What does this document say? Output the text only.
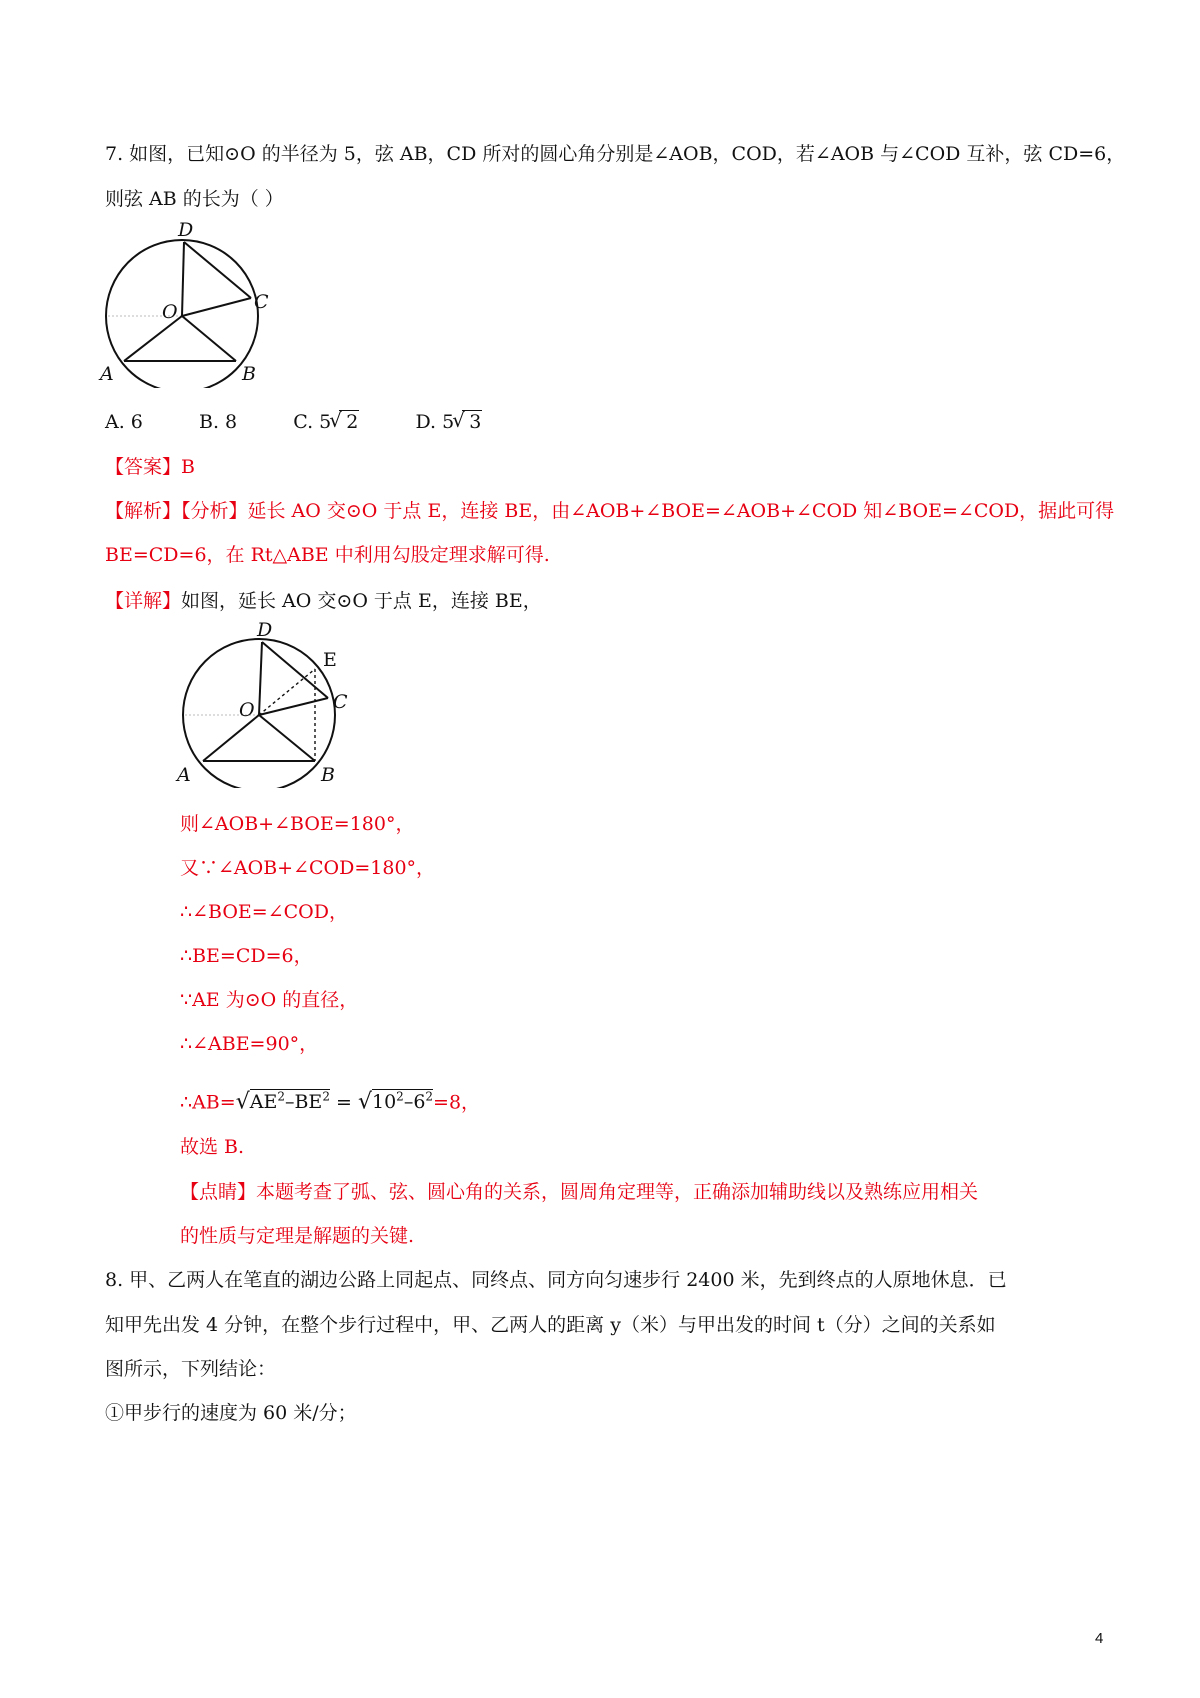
7. 如图，已知⊙O 的半径为 5，弦 AB，CD 所对的圆心角分别是∠AOB，COD，若∠AOB 与∠COD 互补，弦 CD=6，
则弦 AB 的长为（ ）
D
O	C
A	B
A. 6	B. 8	C. 5
√ 2	D. 5
√ 3
【答案】B
【解析】【分析】延长 AO 交⊙O 于点 E，连接 BE，由∠AOB+∠BOE=∠AOB+∠COD 知∠BOE=∠COD，据此可得
BE=CD=6，在 Rt△ABE 中利用勾股定理求解可得.
【详解】如图，延长 AO 交⊙O 于点 E，连接 BE，
D
E
O	C
A	B
则∠AOB+∠BOE=180°，
又∵∠AOB+∠COD=180°，
∴∠BOE=∠COD，
∴BE=CD=6，
∵AE 为⊙O 的直径，
∴∠ABE=90°，
$\therefore AB=√AE^2-BE^2 = √10^2-6^2=8$，
故选 B.
【点睛】本题考查了弧、弦、圆心角的关系，圆周角定理等，正确添加辅助线以及熟练应用相关
的性质与定理是解题的关键.
8. 甲、乙两人在笔直的湖边公路上同起点、同终点、同方向匀速步行 2400 米，先到终点的人原地休息．已
知甲先出发 4 分钟，在整个步行过程中，甲、乙两人的距离 y（米）与甲出发的时间 t（分）之间的关系如
图所示，下列结论：
①甲步行的速度为 60 米/分；
4
